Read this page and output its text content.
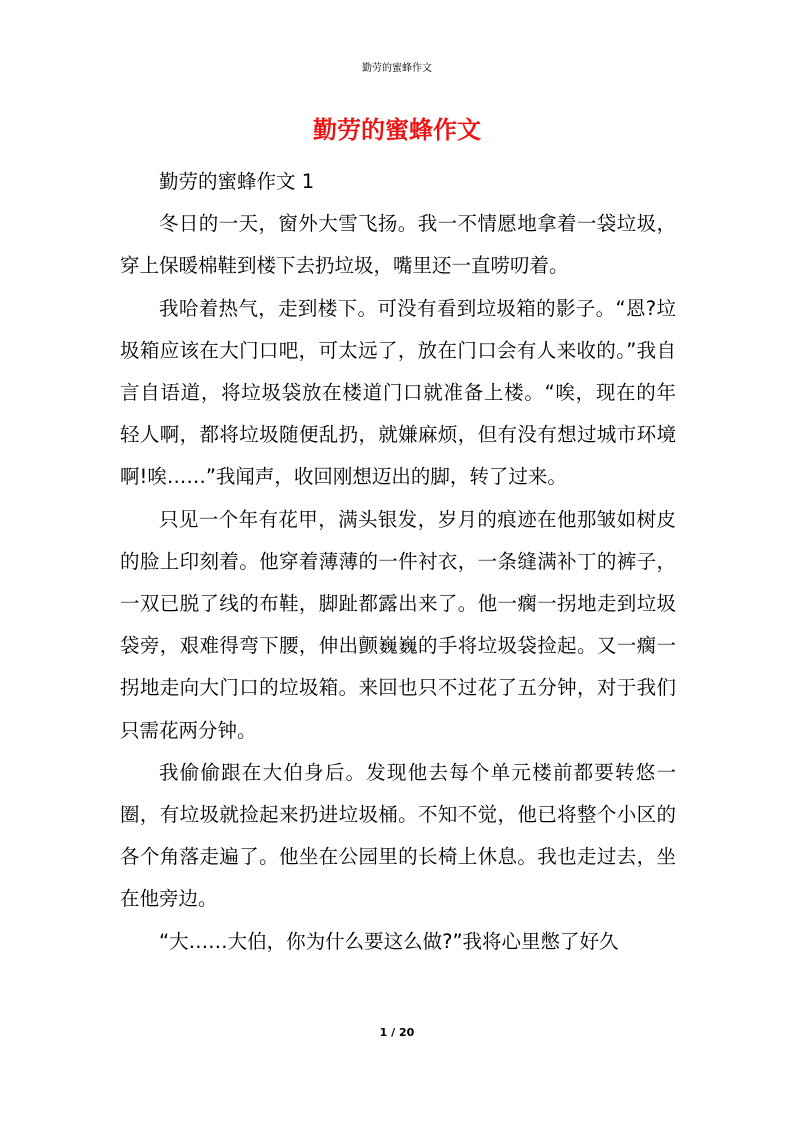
勤劳的蜜蜂作文
勤劳的蜜蜂作文

勤劳的蜜蜂作文 1

冬日的一天，窗外大雪飞扬。我一不情愿地拿着一袋垃圾，穿上保暖棉鞋到楼下去扔垃圾，嘴里还一直唠叨着。

我哈着热气，走到楼下。可没有看到垃圾箱的影子。“恩?垃圾箱应该在大门口吧，可太远了，放在门口会有人来收的。”我自言自语道，将垃圾袋放在楼道门口就准备上楼。“唉，现在的年轻人啊，都将垃圾随便乱扔，就嫌麻烦，但有没有想过城市环境啊!唉……”我闻声，收回刚想迈出的脚，转了过来。

只见一个年有花甲，满头银发，岁月的痕迹在他那皱如树皮的脸上印刻着。他穿着薄薄的一件衬衣，一条缝满补丁的裤子，一双已脱了线的布鞋，脚趾都露出来了。他一瘸一拐地走到垃圾袋旁，艰难得弯下腰，伸出颤巍巍的手将垃圾袋捡起。又一瘸一拐地走向大门口的垃圾箱。来回也只不过花了五分钟，对于我们只需花两分钟。

我偷偷跟在大伯身后。发现他去每个单元楼前都要转悠一圈，有垃圾就捡起来扔进垃圾桶。不知不觉，他已将整个小区的各个角落走遍了。他坐在公园里的长椅上休息。我也走过去，坐在他旁边。

“大……大伯，你为什么要这么做?”我将心里憋了好久

1 / 20
